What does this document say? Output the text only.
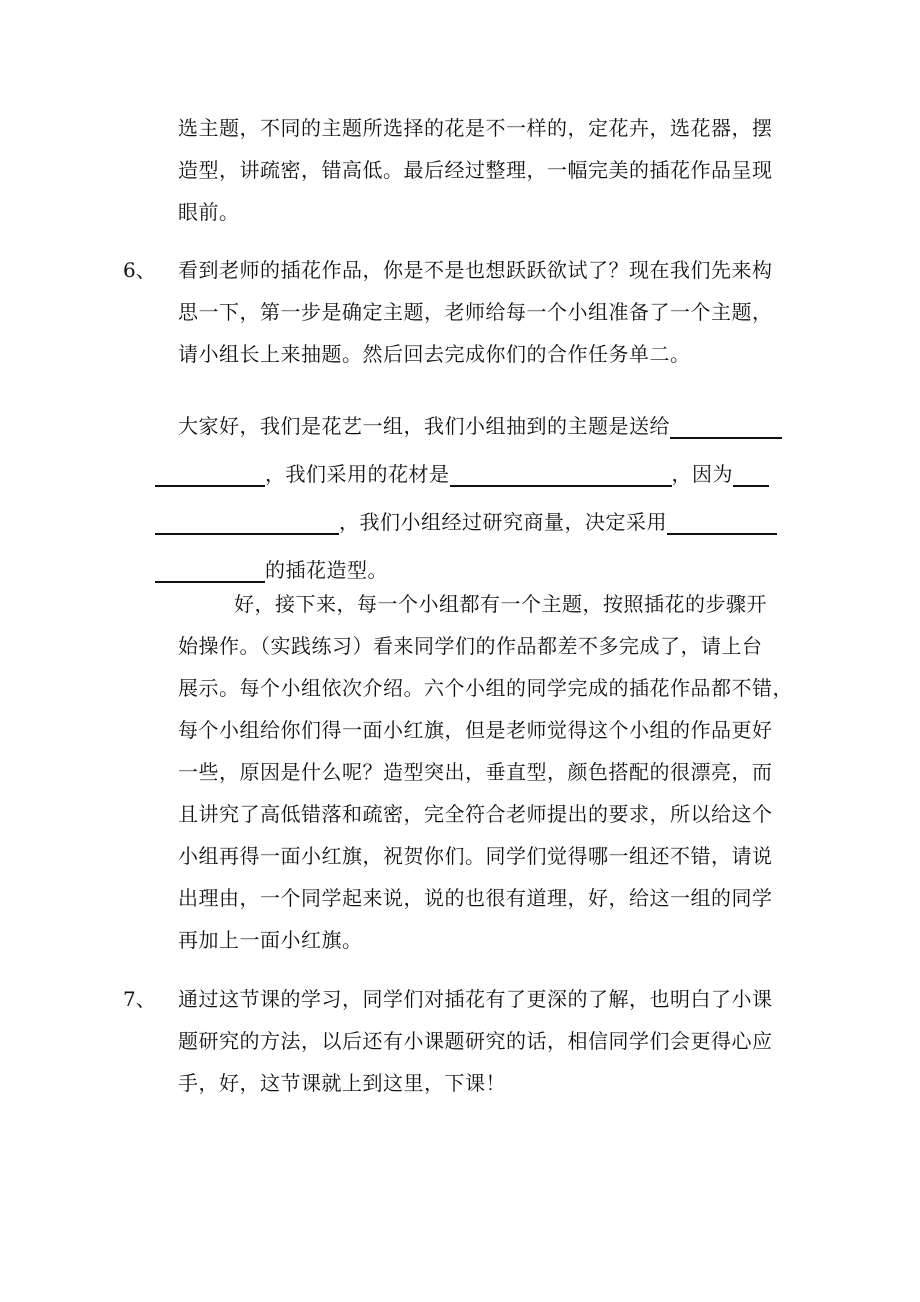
选主题，不同的主题所选择的花是不一样的，定花卉，选花器，摆
造型，讲疏密，错高低。最后经过整理，一幅完美的插花作品呈现
眼前。
6、 看到老师的插花作品，你是不是也想跃跃欲试了？现在我们先来构
思一下，第一步是确定主题，老师给每一个小组准备了一个主题，
请小组长上来抽题。然后回去完成你们的合作任务单二。
大家好，我们是花艺一组，我们小组抽到的主题是送给
，我们采用的花材是	，因为
，我们小组经过研究商量，决定采用
的插花造型。
好，接下来，每一个小组都有一个主题，按照插花的步骤开
始操作。（实践练习）看来同学们的作品都差不多完成了，请上台
展示。每个小组依次介绍。六个小组的同学完成的插花作品都不错，
每个小组给你们得一面小红旗，但是老师觉得这个小组的作品更好
一些，原因是什么呢？造型突出，垂直型，颜色搭配的很漂亮，而
且讲究了高低错落和疏密，完全符合老师提出的要求，所以给这个
小组再得一面小红旗，祝贺你们。同学们觉得哪一组还不错，请说
出理由，一个同学起来说，说的也很有道理，好，给这一组的同学
再加上一面小红旗。
7、 通过这节课的学习，同学们对插花有了更深的了解，也明白了小课
题研究的方法，以后还有小课题研究的话，相信同学们会更得心应
手，好，这节课就上到这里，下课！
